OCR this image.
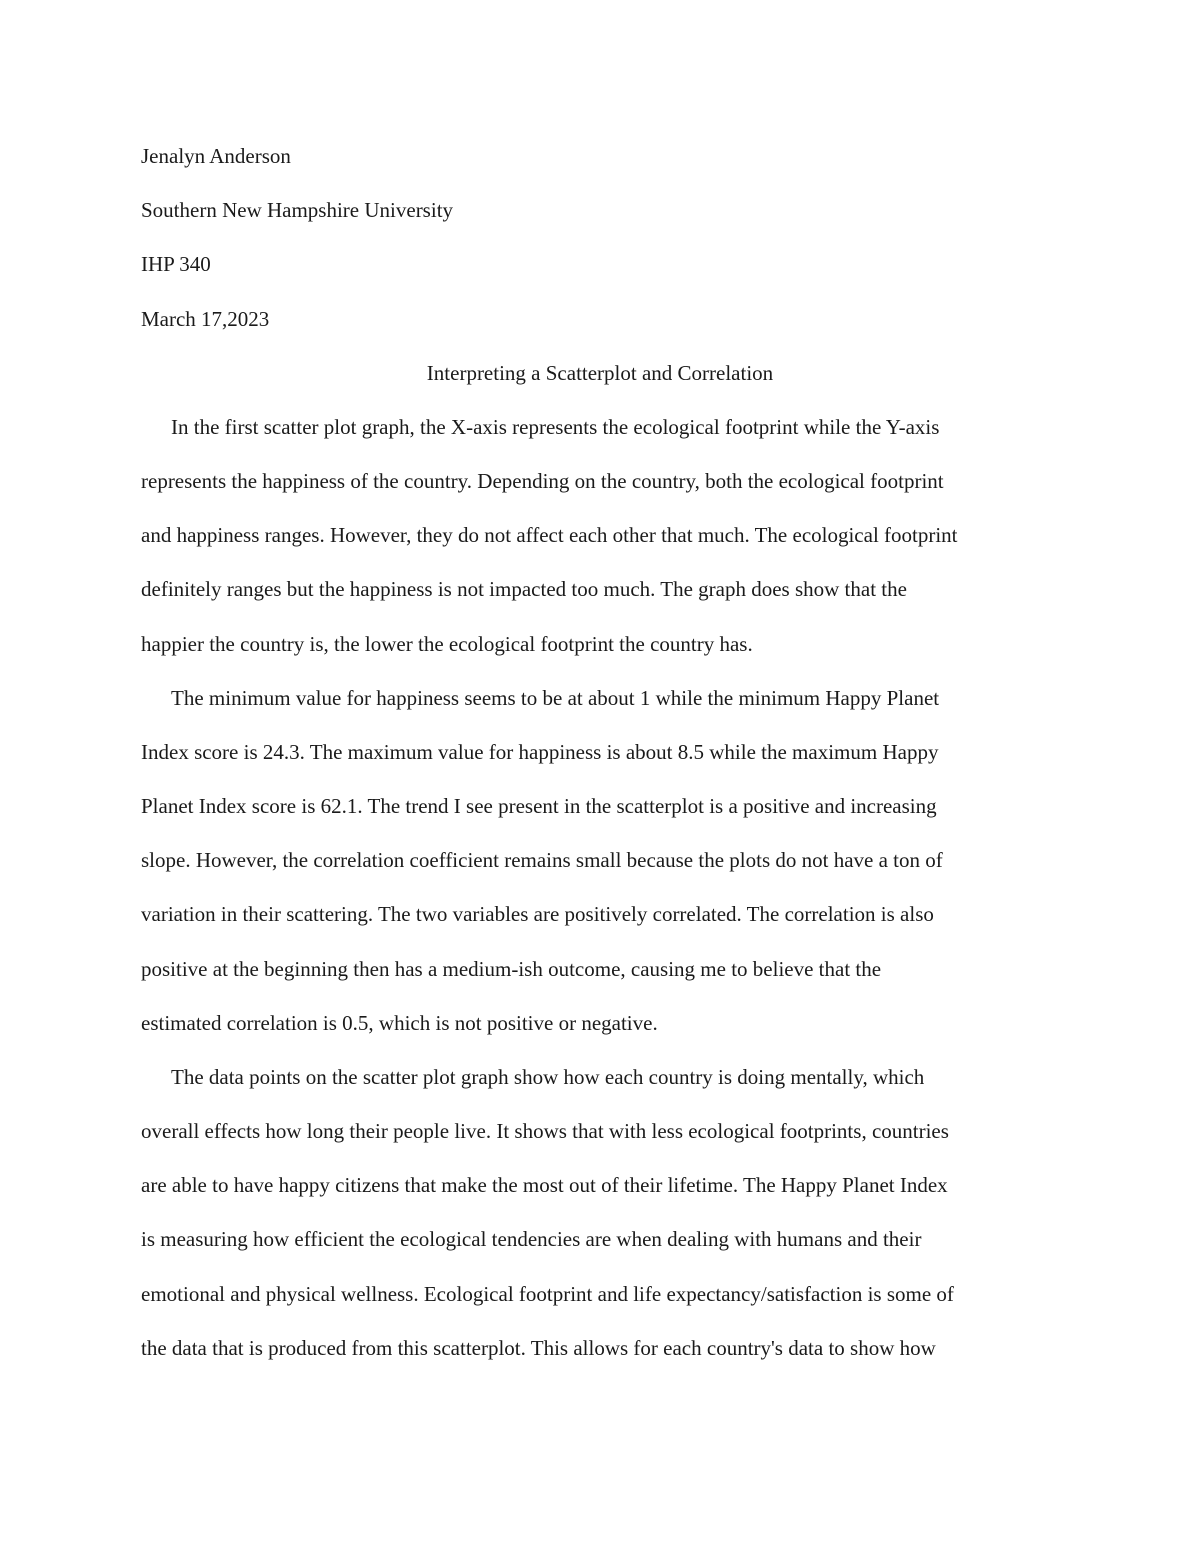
Jenalyn Anderson
Southern New Hampshire University
IHP 340
March 17,2023
Interpreting a Scatterplot and Correlation
In the first scatter plot graph, the X-axis represents the ecological footprint while the Y-axis
represents the happiness of the country. Depending on the country, both the ecological footprint
and happiness ranges. However, they do not affect each other that much. The ecological footprint
definitely ranges but the happiness is not impacted too much. The graph does show that the
happier the country is, the lower the ecological footprint the country has.
The minimum value for happiness seems to be at about 1 while the minimum Happy Planet
Index score is 24.3. The maximum value for happiness is about 8.5 while the maximum Happy
Planet Index score is 62.1. The trend I see present in the scatterplot is a positive and increasing
slope. However, the correlation coefficient remains small because the plots do not have a ton of
variation in their scattering. The two variables are positively correlated. The correlation is also
positive at the beginning then has a medium-ish outcome, causing me to believe that the
estimated correlation is 0.5, which is not positive or negative.
The data points on the scatter plot graph show how each country is doing mentally, which
overall effects how long their people live. It shows that with less ecological footprints, countries
are able to have happy citizens that make the most out of their lifetime. The Happy Planet Index
is measuring how efficient the ecological tendencies are when dealing with humans and their
emotional and physical wellness. Ecological footprint and life expectancy/satisfaction is some of
the data that is produced from this scatterplot. This allows for each country's data to show how
